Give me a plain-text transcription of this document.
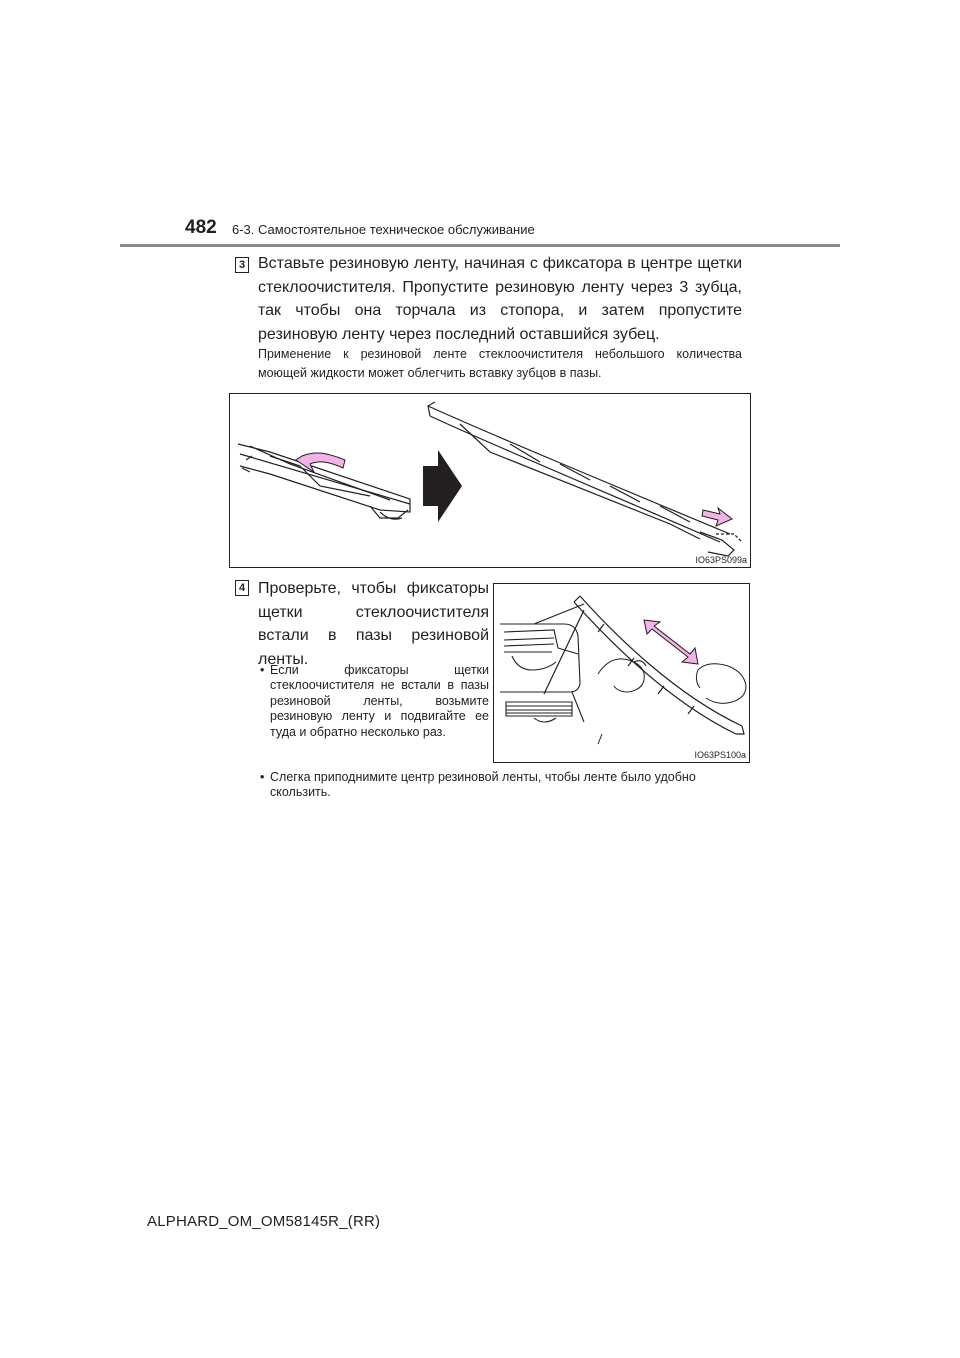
482 6-3. Самостоятельное техническое обслуживание
3 Вставьте резиновую ленту, начиная с фиксатора в центре щетки стеклоочистителя. Пропустите резиновую ленту через 3 зубца, так чтобы она торчала из стопора, и затем пропустите резиновую ленту через последний оставшийся зубец.

Применение к резиновой ленте стеклоочистителя небольшого количества моющей жидкости может облегчить вставку зубцов в пазы.

IO63PS099a
4 Проверьте, чтобы фиксаторы
щетки	стеклоочистителя
встали в пазы резиновой
ленты.
• Если фиксаторы щетки стеклоочистителя не встали в пазы резиновой ленты, возьмите резиновую ленту и подвигайте ее туда и обратно несколько раз.
• Слегка приподнимите центр резиновой ленты, чтобы ленте было удобно скользить.
IO63PS100a
ALPHARD_OM_OM58145R_(RR)
